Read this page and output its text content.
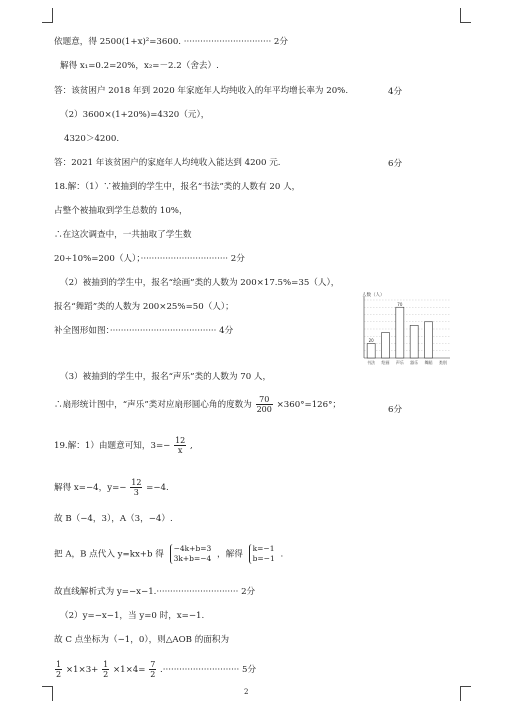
依题意，得 2500(1+x)²=3600. ································ 2分
解得 x₁=0.2=20%，x₂=－2.2（舍去）.
答：该贫困户 2018 年到 2020 年家庭年人均纯收入的年平均增长率为 20%.	4分
（2）3600×(1+20%)=4320（元），
4320＞4200.
答：2021 年该贫困户的家庭年人均纯收入能达到 4200 元.	6分
18.解：（1）∵被抽到的学生中，报名“书法”类的人数有 20 人，
占整个被抽取到学生总数的 10%，
∴在这次调查中，一共抽取了学生数
20÷10%=200（人）；································ 2分
（2）被抽到的学生中，报名“绘画”类的人数为 200×17.5%=35（人），
报名“舞蹈”类的人数为 200×25%=50（人）；
补全图形如图：······································· 4分
人数（人）
20
70
书法 绘画 声乐 器乐 舞蹈 类别
（3）被抽到的学生中，报名“声乐”类的人数为 70 人，
∴扇形统计图中，“声乐”类对应扇形圆心角的度数为 $\frac{70}{200} \times 360^\circ=126^\circ$；	6分
19.解：1）由题意可知，$3=- \frac{12}{x}$ ,
解得 x=−4，$y=- \frac{12}{3} =-4$.
故 B（−4，3），A（3，−4）.
把 A，B 点代入 y=kx+b 得
−4k+b=3
3k+b=−4 ，解得
k=−1
b=−1 .
故直线解析式为 y=−x−1.······························ 2分
（2）y=−x−1，当 y=0 时，x=−1.
故 C 点坐标为（−1，0），则△AOB 的面积为
$\frac{1}{2} \times 1\times 3+ \frac{1}{2} \times 1\times 4= \frac{7}{2}$ .···························· 5分
2
